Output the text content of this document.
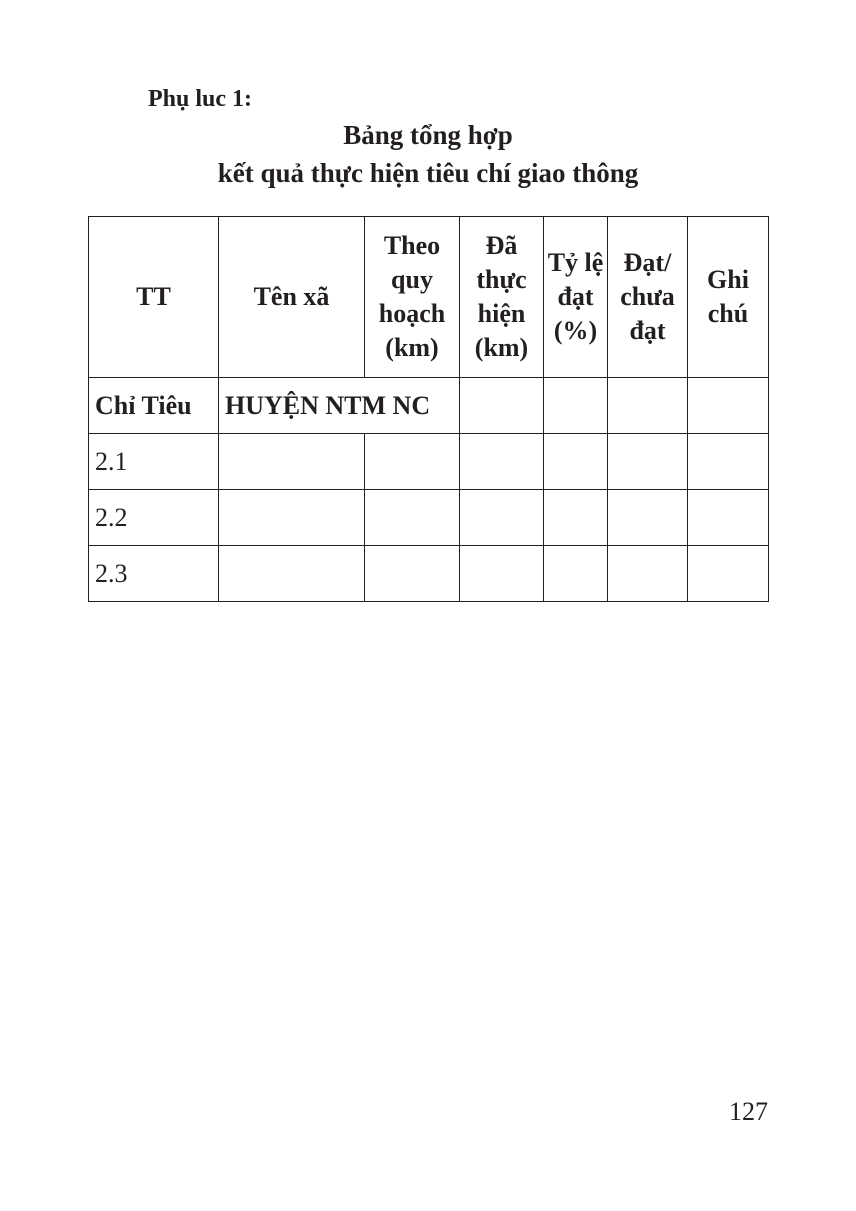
Phụ luc 1:

Bảng tổng hợp

kết quả thực hiện tiêu chí giao thông

TT	Tên xã	Theo quy hoạch (km)	Đã thực hiện (km)	Tỷ lệ đạt (%)	Đạt/ chưa đạt	Ghi chú

Chỉ Tiêu	HUYỆN NTM NC					
2.1						
2.2						
2.3						

127
